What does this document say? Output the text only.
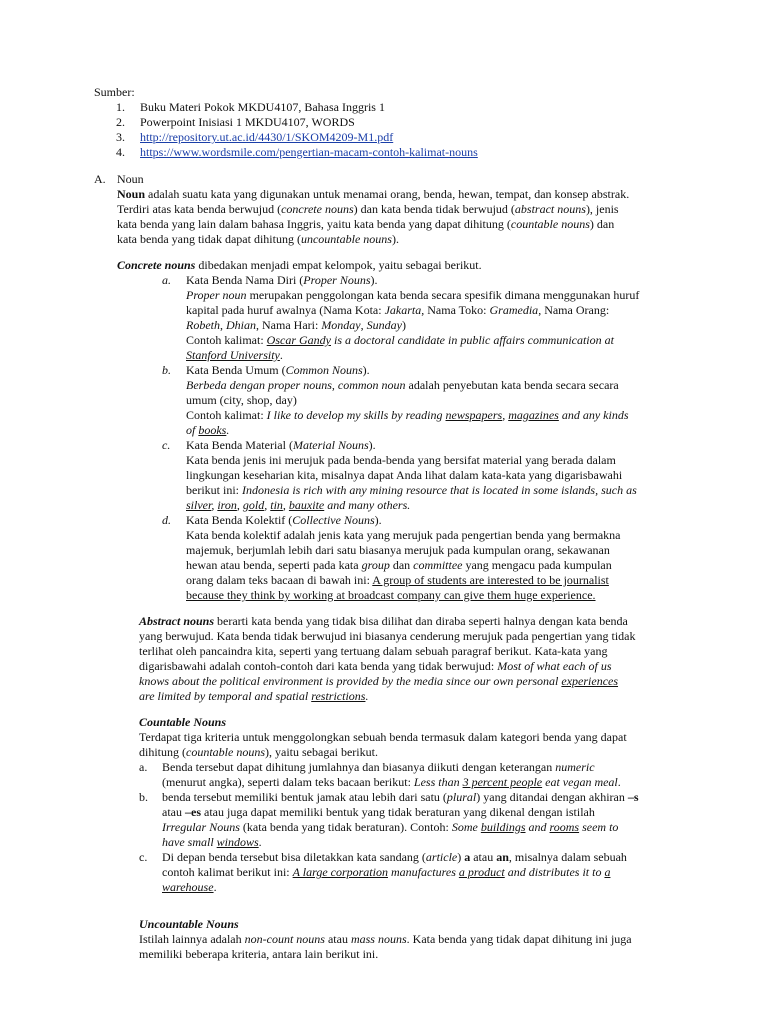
Sumber:
1. Buku Materi Pokok MKDU4107, Bahasa Inggris 1
2. Powerpoint Inisiasi 1 MKDU4107, WORDS
3. http://repository.ut.ac.id/4430/1/SKOM4209-M1.pdf
4. https://www.wordsmile.com/pengertian-macam-contoh-kalimat-nouns
A. Noun
Noun adalah suatu kata yang digunakan untuk menamai orang, benda, hewan, tempat, dan konsep abstrak.
Terdiri atas kata benda berwujud (concrete nouns) dan kata benda tidak berwujud (abstract nouns), jenis
kata benda yang lain dalam bahasa Inggris, yaitu kata benda yang dapat dihitung (countable nouns) dan
kata benda yang tidak dapat dihitung (uncountable nouns).
Concrete nouns dibedakan menjadi empat kelompok, yaitu sebagai berikut.
a. Kata Benda Nama Diri (Proper Nouns).
Proper noun merupakan penggolongan kata benda secara spesifik dimana menggunakan huruf
kapital pada huruf awalnya (Nama Kota: Jakarta, Nama Toko: Gramedia, Nama Orang:
Robeth, Dhian, Nama Hari: Monday, Sunday)
Contoh kalimat: Oscar Gandy is a doctoral candidate in public affairs communication at
Stanford University.
b. Kata Benda Umum (Common Nouns).
Berbeda dengan proper nouns, common noun adalah penyebutan kata benda secara secara
umum (city, shop, day)
Contoh kalimat: I like to develop my skills by reading newspapers, magazines and any kinds
of books.
c. Kata Benda Material (Material Nouns).
Kata benda jenis ini merujuk pada benda-benda yang bersifat material yang berada dalam
lingkungan keseharian kita, misalnya dapat Anda lihat dalam kata-kata yang digarisbawahi
berikut ini: Indonesia is rich with any mining resource that is located in some islands, such as
silver, iron, gold, tin, bauxite and many others.
d. Kata Benda Kolektif (Collective Nouns).
Kata benda kolektif adalah jenis kata yang merujuk pada pengertian benda yang bermakna
majemuk, berjumlah lebih dari satu biasanya merujuk pada kumpulan orang, sekawanan
hewan atau benda, seperti pada kata group dan committee yang mengacu pada kumpulan
orang dalam teks bacaan di bawah ini: A group of students are interested to be journalist
because they think by working at broadcast company can give them huge experience.
Abstract nouns berarti kata benda yang tidak bisa dilihat dan diraba seperti halnya dengan kata benda
yang berwujud. Kata benda tidak berwujud ini biasanya cenderung merujuk pada pengertian yang tidak
terlihat oleh pancaindra kita, seperti yang tertuang dalam sebuah paragraf berikut. Kata-kata yang
digarisbawahi adalah contoh-contoh dari kata benda yang tidak berwujud: Most of what each of us
knows about the political environment is provided by the media since our own personal experiences
are limited by temporal and spatial restrictions.
Countable Nouns
Terdapat tiga kriteria untuk menggolongkan sebuah benda termasuk dalam kategori benda yang dapat
dihitung (countable nouns), yaitu sebagai berikut.
a. Benda tersebut dapat dihitung jumlahnya dan biasanya diikuti dengan keterangan numeric
(menurut angka), seperti dalam teks bacaan berikut: Less than 3 percent people eat vegan meal.
b. benda tersebut memiliki bentuk jamak atau lebih dari satu (plural) yang ditandai dengan akhiran –s
atau –es atau juga dapat memiliki bentuk yang tidak beraturan yang dikenal dengan istilah
Irregular Nouns (kata benda yang tidak beraturan). Contoh: Some buildings and rooms seem to
have small windows.
c. Di depan benda tersebut bisa diletakkan kata sandang (article) a atau an, misalnya dalam sebuah
contoh kalimat berikut ini: A large corporation manufactures a product and distributes it to a
warehouse.
Uncountable Nouns
Istilah lainnya adalah non-count nouns atau mass nouns. Kata benda yang tidak dapat dihitung ini juga
memiliki beberapa kriteria, antara lain berikut ini.
